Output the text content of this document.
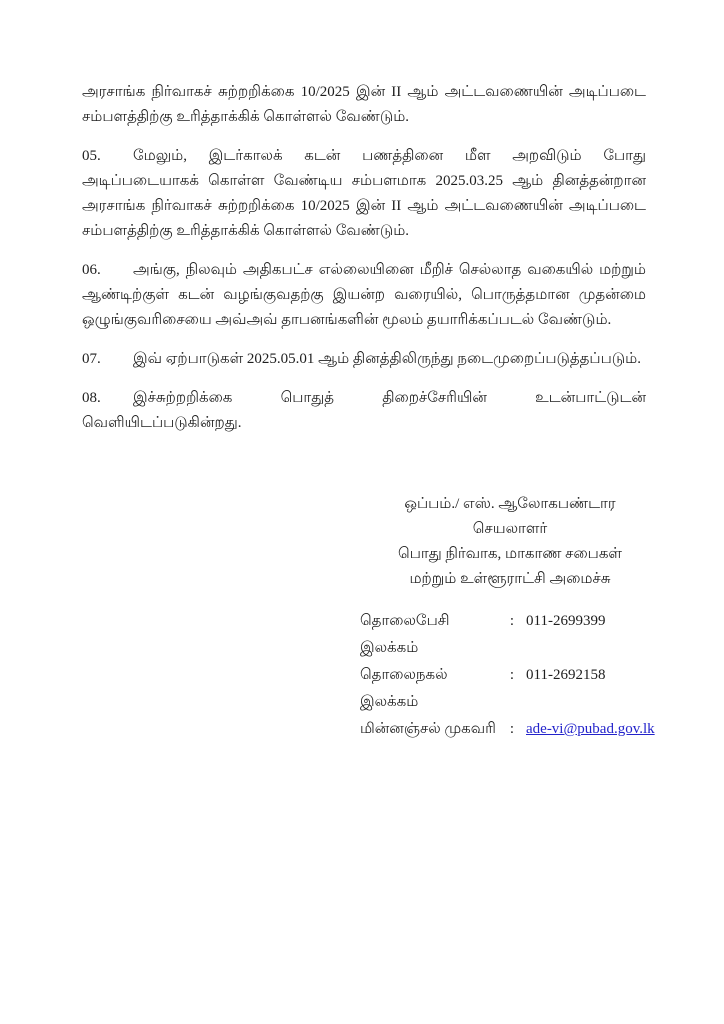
அரசாங்க நிர்வாகச் சுற்றறிக்கை 10/2025 இன் II ஆம் அட்டவணையின் அடிப்படை
சம்பளத்திற்கு உரித்தாக்கிக் கொள்ளல் வேண்டும்.

05. மேலும், இடர்காலக் கடன் பணத்தினை மீள அறவிடும் போது
அடிப்படையாகக் கொள்ள வேண்டிய சம்பளமாக 2025.03.25 ஆம் தினத்தன்றான
அரசாங்க நிர்வாகச் சுற்றறிக்கை 10/2025 இன் II ஆம் அட்டவணையின் அடிப்படை
சம்பளத்திற்கு உரித்தாக்கிக் கொள்ளல் வேண்டும்.

06. அங்கு, நிலவும் அதிகபட்ச எல்லையினை மீறிச் செல்லாத வகையில் மற்றும்
ஆண்டிற்குள் கடன் வழங்குவதற்கு இயன்ற வரையில், பொருத்தமான முதன்மை
ஒழுங்குவரிசையை அவ்அவ் தாபனங்களின் மூலம் தயாரிக்கப்படல் வேண்டும்.

07. இவ் ஏற்பாடுகள் 2025.05.01 ஆம் தினத்திலிருந்து நடைமுறைப்படுத்தப்படும்.

08. இச்சுற்றறிக்கை பொதுத் திறைச்சேரியின் உடன்பாட்டுடன்
வெளியிடப்படுகின்றது.

ஒப்பம்./ எஸ். ஆலோகபண்டார
செயலாளர்
பொது நிர்வாக, மாகாண சபைகள்
மற்றும் உள்ளூராட்சி அமைச்சு
தொலைபேசி இலக்கம்
: 011-2699399
தொலைநகல் இலக்கம்
: 011-2692158
மின்னஞ்சல் முகவரி : ade-vi@pubad.gov.lk
